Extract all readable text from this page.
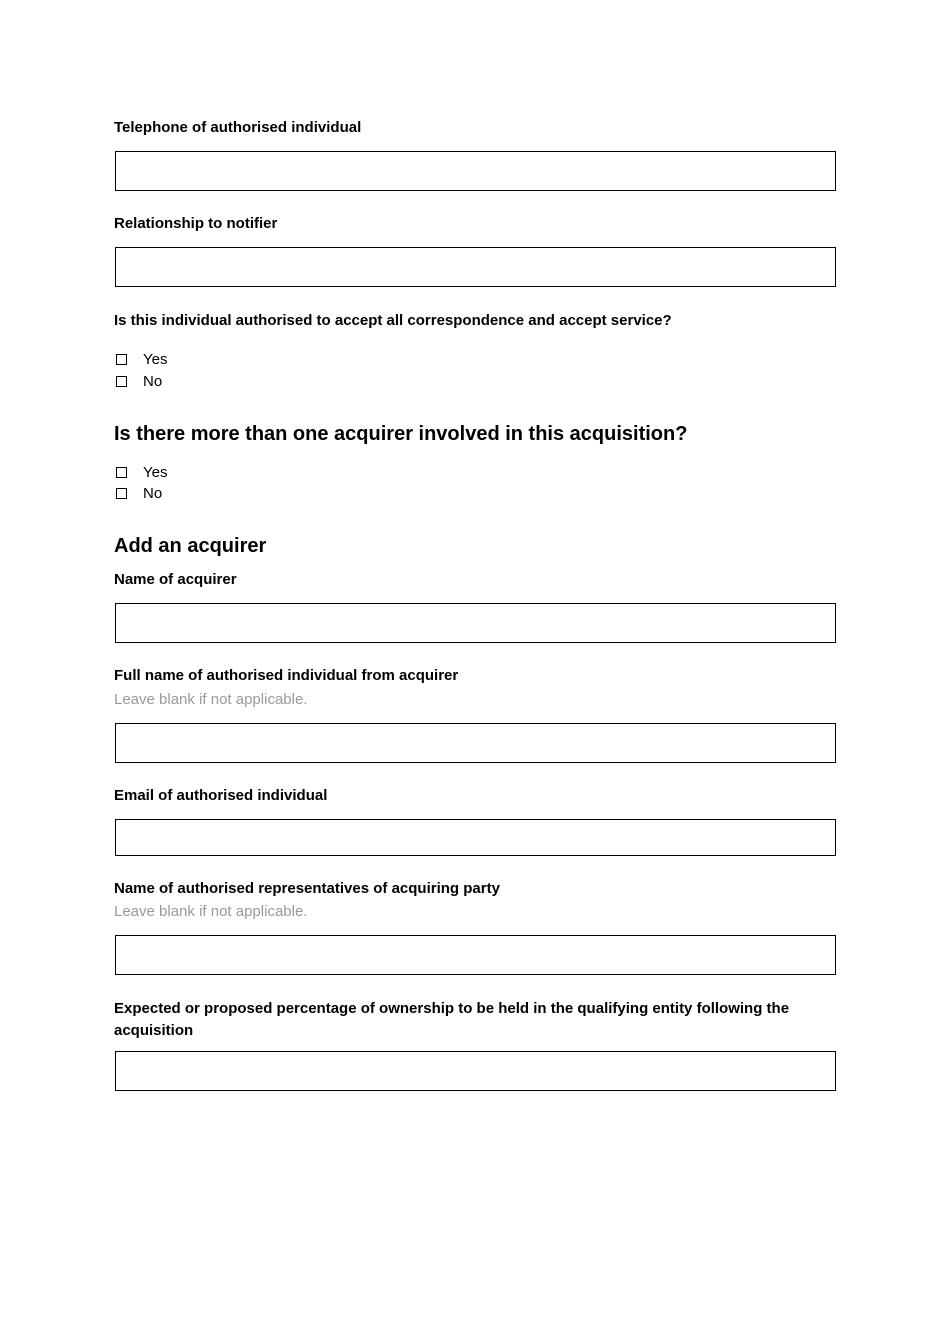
Telephone of authorised individual
Relationship to notifier
Is this individual authorised to accept all correspondence and accept service?
Yes
No
Is there more than one acquirer involved in this acquisition?
Yes
No
Add an acquirer
Name of acquirer
Full name of authorised individual from acquirer
Leave blank if not applicable.
Email of authorised individual
Name of authorised representatives of acquiring party
Leave blank if not applicable.
Expected or proposed percentage of ownership to be held in the qualifying entity following the acquisition
